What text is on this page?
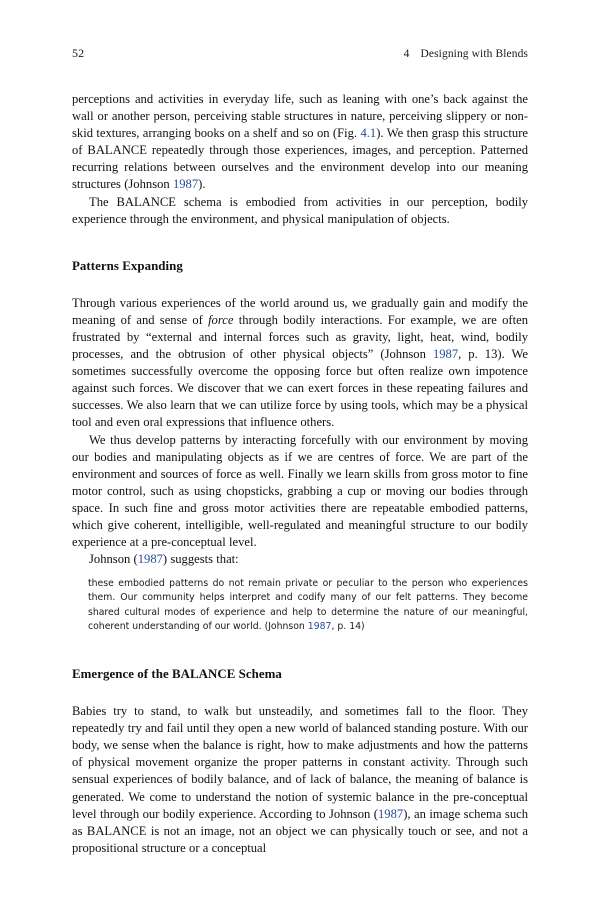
52	4 Designing with Blends

perceptions and activities in everyday life, such as leaning with one’s back against the wall or another person, perceiving stable structures in nature, perceiving slippery or non-skid textures, arranging books on a shelf and so on (Fig. 4.1). We then grasp this structure of BALANCE repeatedly through those experiences, images, and perception. Patterned recurring relations between ourselves and the environment develop into our meaning structures (Johnson 1987).

The BALANCE schema is embodied from activities in our perception, bodily experience through the environment, and physical manipulation of objects.

Patterns Expanding

Through various experiences of the world around us, we gradually gain and modify the meaning of and sense of force through bodily interactions. For example, we are often frustrated by “external and internal forces such as gravity, light, heat, wind, bodily processes, and the obtrusion of other physical objects” (Johnson 1987, p. 13). We sometimes successfully overcome the opposing force but often realize own impotence against such forces. We discover that we can exert forces in these repeating failures and successes. We also learn that we can utilize force by using tools, which may be a physical tool and even oral expressions that influence others.

We thus develop patterns by interacting forcefully with our environment by moving our bodies and manipulating objects as if we are centres of force. We are part of the environment and sources of force as well. Finally we learn skills from gross motor to fine motor control, such as using chopsticks, grabbing a cup or moving our bodies through space. In such fine and gross motor activities there are repeatable embodied patterns, which give coherent, intelligible, well-regulated and meaningful structure to our bodily experience at a pre-conceptual level.

Johnson (1987) suggests that:

these embodied patterns do not remain private or peculiar to the person who experiences them. Our community helps interpret and codify many of our felt patterns. They become shared cultural modes of experience and help to determine the nature of our meaningful, coherent understanding of our world. (Johnson 1987, p. 14)
Emergence of the BALANCE Schema

Babies try to stand, to walk but unsteadily, and sometimes fall to the floor. They repeatedly try and fail until they open a new world of balanced standing posture. With our body, we sense when the balance is right, how to make adjustments and how the patterns of physical movement organize the proper patterns in constant activity. Through such sensual experiences of bodily balance, and of lack of balance, the meaning of balance is generated. We come to understand the notion of systemic balance in the pre-conceptual level through our bodily experience. According to Johnson (1987), an image schema such as BALANCE is not an image, not an object we can physically touch or see, and not a propositional structure or a conceptual
